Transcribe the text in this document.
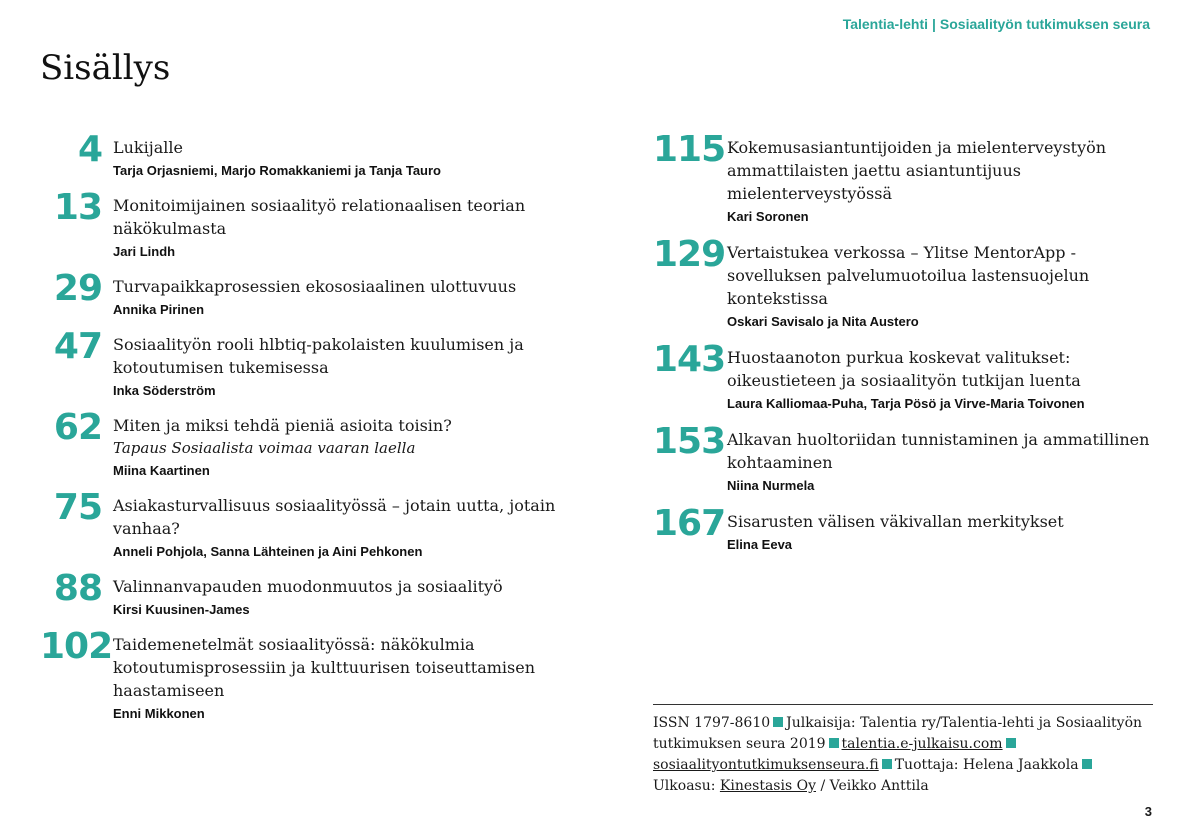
Talentia-lehti | Sosiaalityön tutkimuksen seura
Sisällys
4 Lukijalle
Tarja Orjasniemi, Marjo Romakkaniemi ja Tanja Tauro
13 Monitoimijainen sosiaalityö relationaalisen teorian näkökulmasta
Jari Lindh
29 Turvapaikkaprosessien ekososiaalinen ulottuvuus
Annika Pirinen
47 Sosiaalityön rooli hlbtiq-pakolaisten kuulumisen ja kotoutumisen tukemisessa
Inka Söderström
62 Miten ja miksi tehdä pieniä asioita toisin?
Tapaus Sosiaalista voimaa vaaran laella
Miina Kaartinen
75 Asiakasturvallisuus sosiaalityössä – jotain uutta, jotain vanhaa?
Anneli Pohjola, Sanna Lähteinen ja Aini Pehkonen
88 Valinnanvapauden muodonmuutos ja sosiaalityö
Kirsi Kuusinen-James
102 Taidemenetelmät sosiaalityössä: näkökulmia kotoutumisprosessiin ja kulttuurisen toiseuttamisen haastamiseen
Enni Mikkonen
115 Kokemusasiantuntijoiden ja mielenterveystyön ammattilaisten jaettu asiantuntijuus mielenterveystyössä
Kari Soronen
129 Vertaistukea verkossa – Ylitse MentorApp -sovelluksen palvelumuotoilua lastensuojelun kontekstissa
Oskari Savisalo ja Nita Austero
143 Huostaanoton purkua koskevat valitukset: oikeustieteen ja sosiaalityön tutkijan luenta
Laura Kalliomaa-Puha, Tarja Pösö ja Virve-Maria Toivonen
153 Alkavan huoltoriidan tunnistaminen ja ammatillinen kohtaaminen
Niina Nurmela
167 Sisarusten välisen väkivallan merkitykset
Elina Eeva
ISSN 1797-8610 Julkaisija: Talentia ry/Talentia-lehti ja Sosiaalityön tutkimuksen seura 2019 talentia.e-julkaisu.comsosiaalityontutkimuksenseura.fi Tuottaja: Helena JaakkolaUlkoasu: Kinestasis Oy / Veikko Anttila
3
